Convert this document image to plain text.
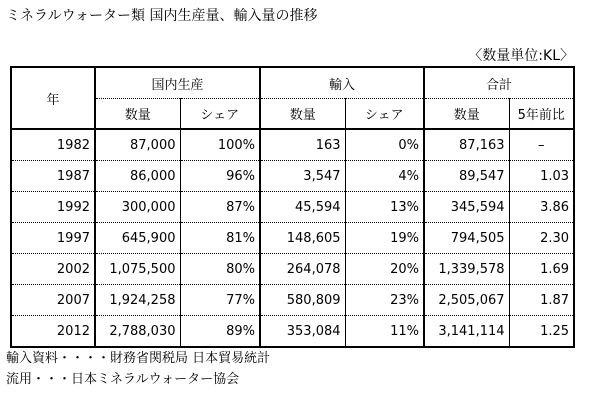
ミネラルウォーター類 国内生産量、輸入量の推移
〈数量単位:KL〉
年	国内生産		輸入		合計	
	数量	シェア	数量	シェア	数量	5年前比
1982	87,000	100%	163	0%	87,163	–
1987	86,000	96%	3,547	4%	89,547	1.03
1992	300,000	87%	45,594	13%	345,594	3.86
1997	645,900	81%	148,605	19%	794,505	2.30
2002	1,075,500	80%	264,078	20%	1,339,578	1.69
2007	1,924,258	77%	580,809	23%	2,505,067	1.87
2012	2,788,030	89%	353,084	11%	3,141,114	1.25
輸入資料・・・・財務省関税局 日本貿易統計
流用・・・日本ミネラルウォーター協会
